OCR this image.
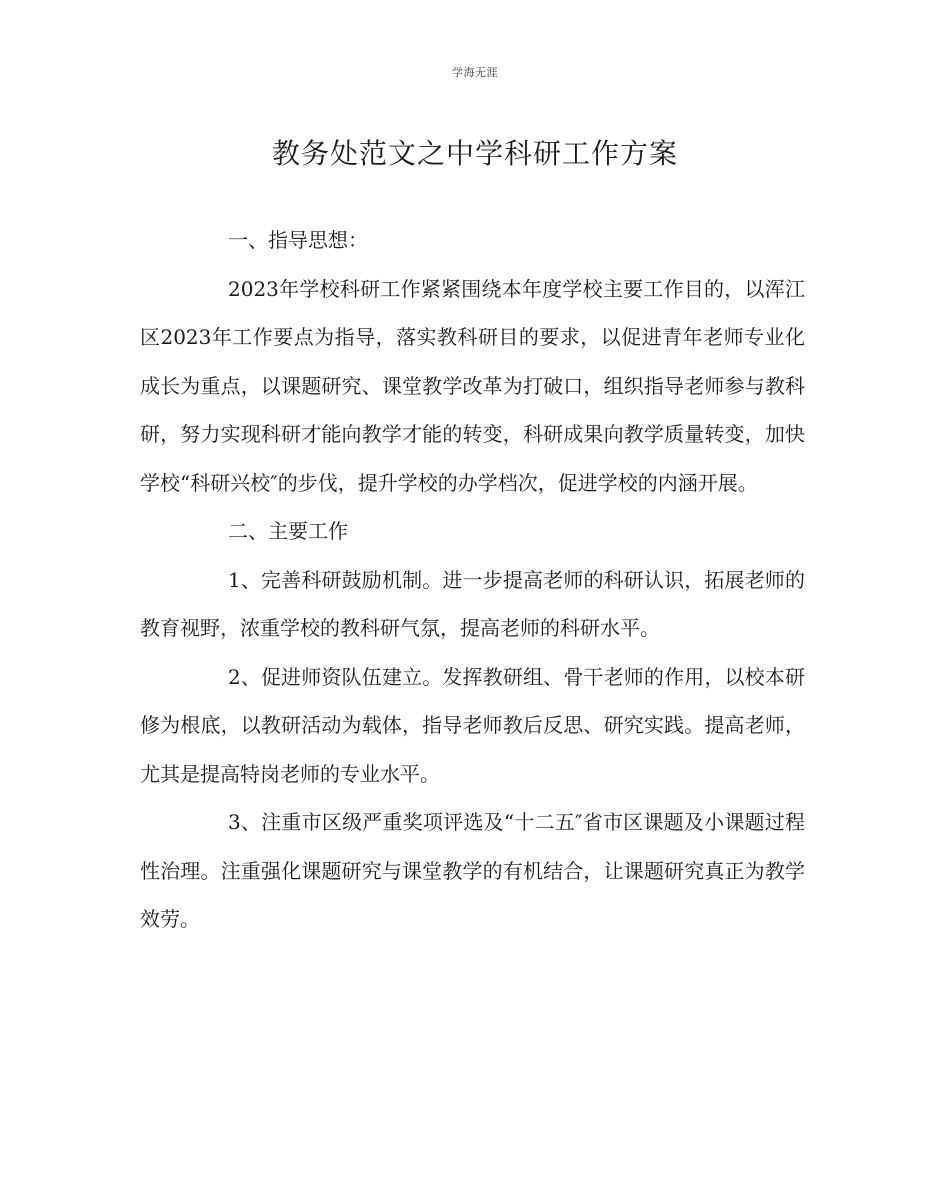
学海无涯
教务处范文之中学科研工作方案

一、指导思想：

2023年学校科研工作紧紧围绕本年度学校主要工作目的，以浑江区2023年工作要点为指导，落实教科研目的要求，以促进青年老师专业化成长为重点，以课题研究、课堂教学改革为打破口，组织指导老师参与教科研，努力实现科研才能向教学才能的转变，科研成果向教学质量转变，加快学校“科研兴校″的步伐，提升学校的办学档次，促进学校的内涵开展。

二、主要工作

1、完善科研鼓励机制。进一步提高老师的科研认识，拓展老师的教育视野，浓重学校的教科研气氛，提高老师的科研水平。

2、促进师资队伍建立。发挥教研组、骨干老师的作用，以校本研修为根底，以教研活动为载体，指导老师教后反思、研究实践。提高老师，尤其是提高特岗老师的专业水平。

3、注重市区级严重奖项评选及“十二五″省市区课题及小课题过程性治理。注重强化课题研究与课堂教学的有机结合，让课题研究真正为教学效劳。
